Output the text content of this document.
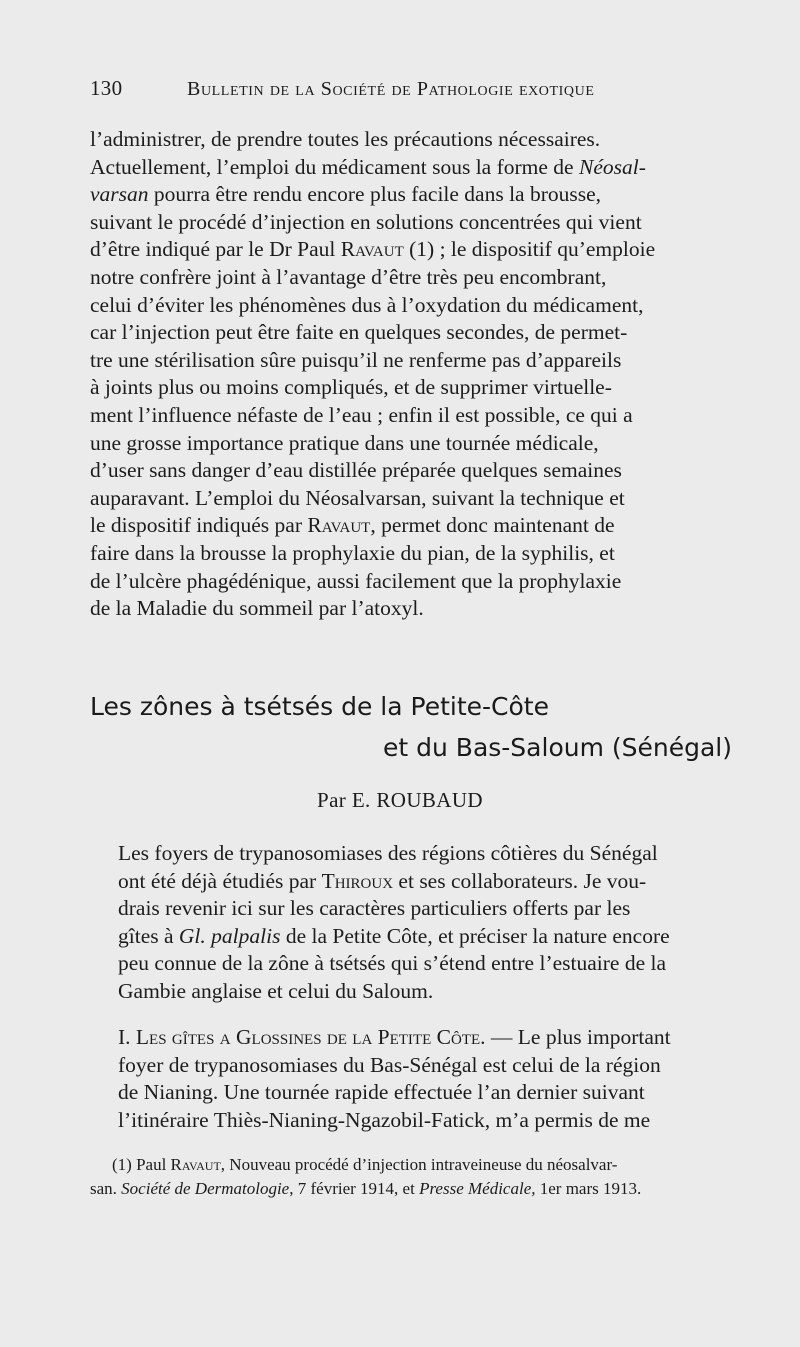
130	Bulletin de la Société de Pathologie exotique
l’administrer, de prendre toutes les précautions nécessaires.
Actuellement, l’emploi du médicament sous la forme de Néosal-
varsan pourra être rendu encore plus facile dans la brousse,
suivant le procédé d’injection en solutions concentrées qui vient
d’être indiqué par le Dr Paul Ravaut (1) ; le dispositif qu’emploie
notre confrère joint à l’avantage d’être très peu encombrant,
celui d’éviter les phénomènes dus à l’oxydation du médicament,
car l’injection peut être faite en quelques secondes, de permet-
tre une stérilisation sûre puisqu’il ne renferme pas d’appareils
à joints plus ou moins compliqués, et de supprimer virtuelle-
ment l’influence néfaste de l’eau ; enfin il est possible, ce qui a
une grosse importance pratique dans une tournée médicale,
d’user sans danger d’eau distillée préparée quelques semaines
auparavant. L’emploi du Néosalvarsan, suivant la technique et
le dispositif indiqués par Ravaut, permet donc maintenant de
faire dans la brousse la prophylaxie du pian, de la syphilis, et
de l’ulcère phagédénique, aussi facilement que la prophylaxie
de la Maladie du sommeil par l’atoxyl.
Les zônes à tsétsés de la Petite-Côte
et du Bas-Saloum (Sénégal)
Par E. ROUBAUD
Les foyers de trypanosomiases des régions côtières du Sénégal
ont été déjà étudiés par Thiroux et ses collaborateurs. Je vou-
drais revenir ici sur les caractères particuliers offerts par les
gîtes à Gl. palpalis de la Petite Côte, et préciser la nature encore
peu connue de la zône à tsétsés qui s’étend entre l’estuaire de la
Gambie anglaise et celui du Saloum.
I. Les gîtes a Glossines de la Petite Côte. — Le plus important
foyer de trypanosomiases du Bas-Sénégal est celui de la région
de Nianing. Une tournée rapide effectuée l’an dernier suivant
l’itinéraire Thiès-Nianing-Ngazobil-Fatick, m’a permis de me
(1) Paul Ravaut, Nouveau procédé d’injection intraveineuse du néosalvar-
san. Société de Dermatologie, 7 février 1914, et Presse Médicale, 1er mars 1913.
